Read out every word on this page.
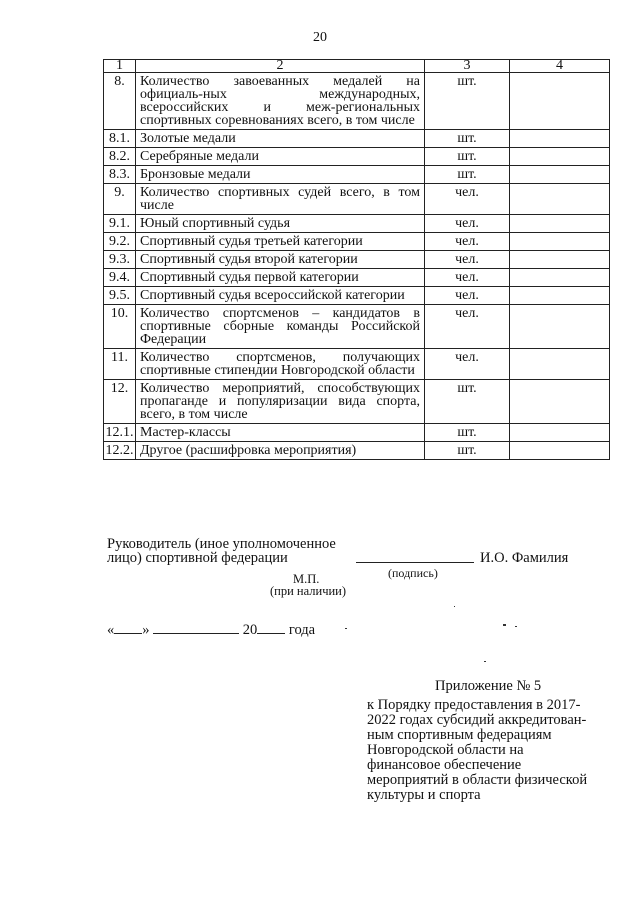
20
1	2	3	4
8.	Количество завоеванных медалей на официаль-ных международных, всероссийских и меж-региональных спортивных соревнованиях всего, в том числе	шт.	
8.1.	Золотые медали	шт.	
8.2.	Серебряные медали	шт.	
8.3.	Бронзовые медали	шт.	
9.	Количество спортивных судей всего, в том числе	чел.	
9.1.	Юный спортивный судья	чел.	
9.2.	Спортивный судья третьей категории	чел.	
9.3.	Спортивный судья второй категории	чел.	
9.4.	Спортивный судья первой категории	чел.	
9.5.	Спортивный судья всероссийской категории	чел.	
10.	Количество спортсменов – кандидатов в спортивные сборные команды Российской Федерации	чел.	
11.	Количество спортсменов, получающих спортивные стипендии Новгородской области	чел.	
12.	Количество мероприятий, способствующих пропаганде и популяризации вида спорта, всего, в том числе	шт.	
12.1.	Мастер-классы	шт.	
12.2.	Другое (расшифровка мероприятия)	шт.	
Руководитель (иное уполномоченное
лицо) спортивной федерации	И.О. Фамилия
(подпись)
М.П.
(при наличии)
« »	20 года
Приложение № 5
к Порядку предоставления в 2017-2022 годах субсидий аккредитован-ным спортивным федерациям Новгородской области на финансовое обеспечение мероприятий в области физической культуры и спорта
